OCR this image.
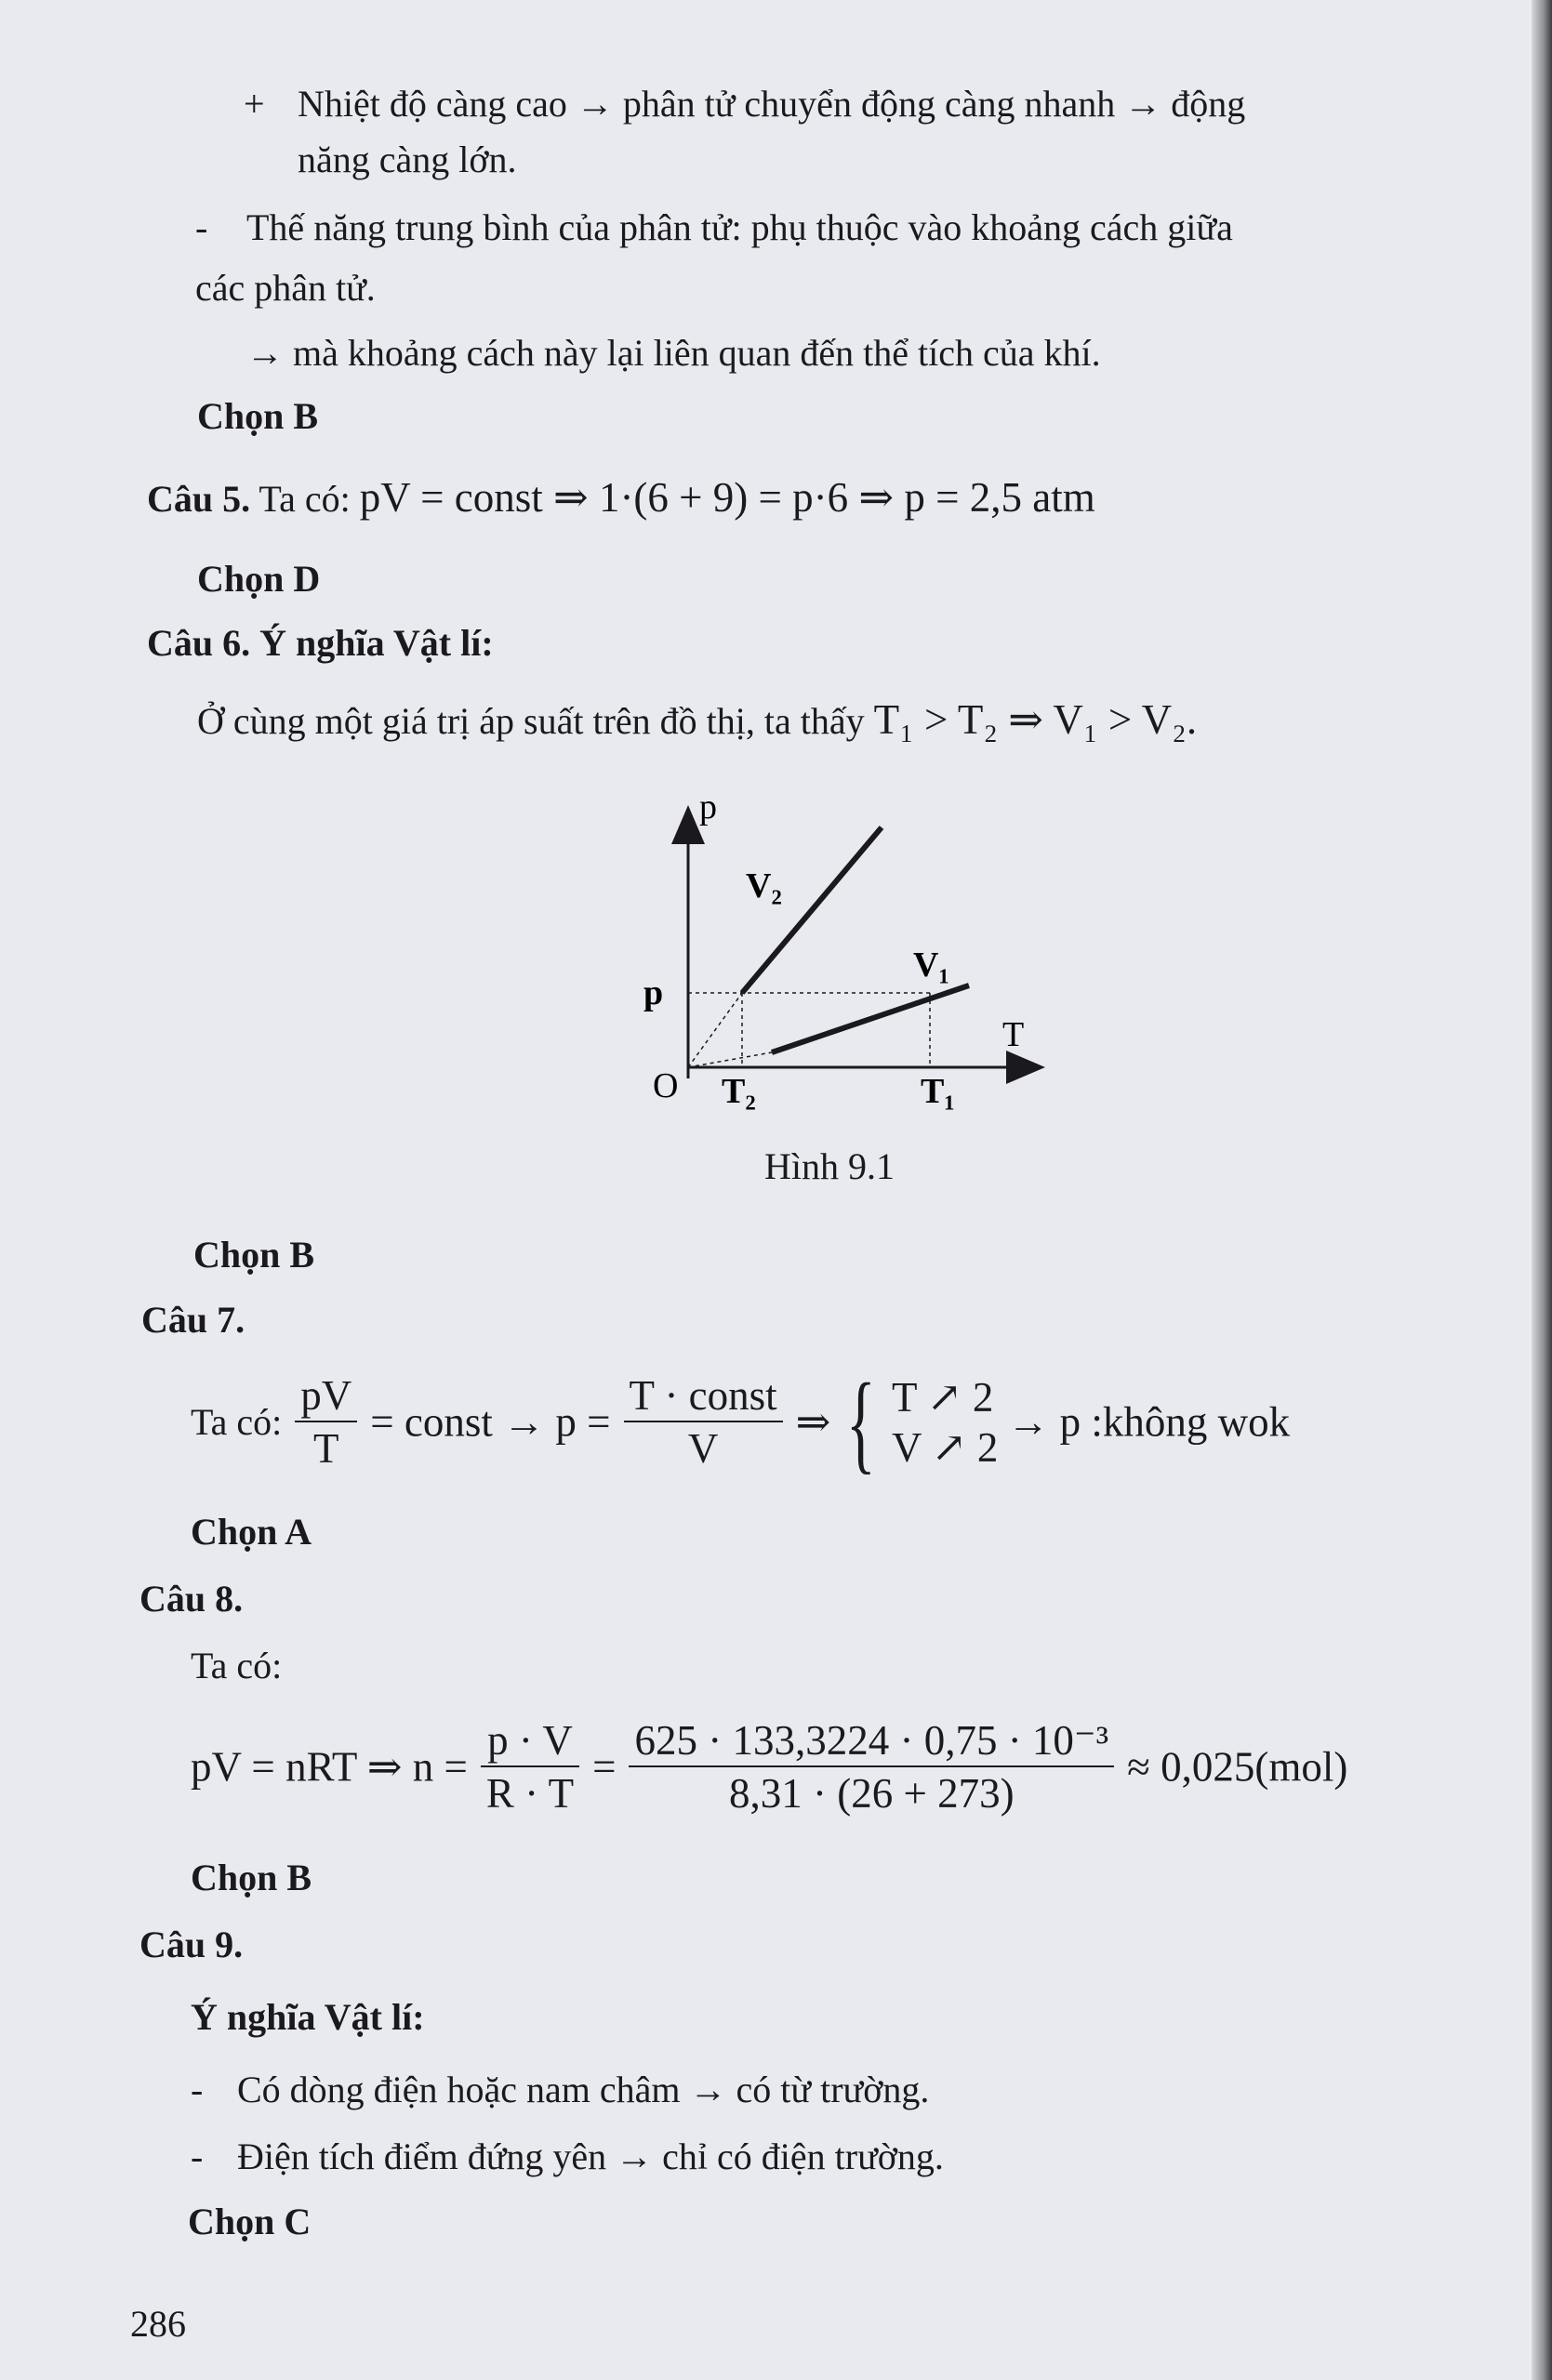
+ Nhiệt độ càng cao → phân tử chuyển động càng nhanh → động
năng càng lớn.
- Thế năng trung bình của phân tử: phụ thuộc vào khoảng cách giữa
các phân tử.
→ mà khoảng cách này lại liên quan đến thể tích của khí.
Chọn B
Câu 5. Ta có: pV = const ⇒ 1·(6 + 9) = p·6 ⇒ p = 2,5 atm
Chọn D
Câu 6. Ý nghĩa Vật lí:
Ở cùng một giá trị áp suất trên đồ thị, ta thấy T₁ > T₂ ⇒ V₁ > V₂.
p
T
O
p
T₂	T₁
V₂
V₁
Hình 9.1
Chọn B
Câu 7.
Ta có: $\frac{pV}{T}$ = const → $p = \frac{\text{T · const}}{V}$ ⇒ { T ↗ 2
V ↗ 2
→ p :không wok
Chọn A
Câu 8.
Ta có:
pV = nRT ⇒ $n = \frac{p \cdot V}{R \cdot T} = \frac{\text{625 · 133,3224 · 0,75 · 10⁻³}}{8,31 \cdot (26 + 273)} \approx 0,025(mol)$
Chọn B
Câu 9.
Ý nghĩa Vật lí:
- Có dòng điện hoặc nam châm → có từ trường.
- Điện tích điểm đứng yên → chỉ có điện trường.
Chọn C
286
